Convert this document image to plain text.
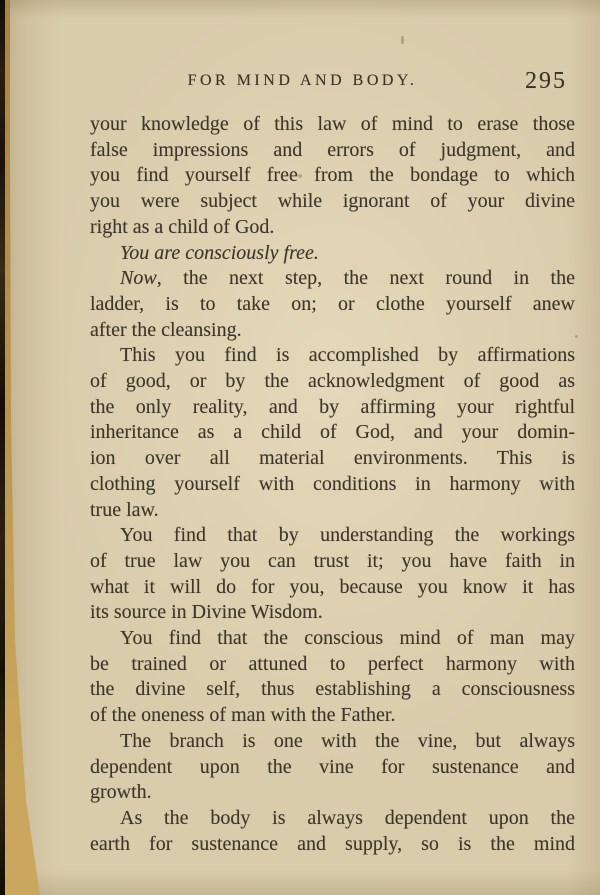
FOR MIND AND BODY.	295
your knowledge of this law of mind to erase those
false impressions and errors of judgment, and
you find yourself free from the bondage to which
you were subject while ignorant of your divine
right as a child of God.
You are consciously free.
Now, the next step, the next round in the
ladder, is to take on; or clothe yourself anew
after the cleansing.
This you find is accomplished by affirmations
of good, or by the acknowledgment of good as
the only reality, and by affirming your rightful
inheritance as a child of God, and your domin-
ion over all material environments. This is
clothing yourself with conditions in harmony with
true law.
You find that by understanding the workings
of true law you can trust it; you have faith in
what it will do for you, because you know it has
its source in Divine Wisdom.
You find that the conscious mind of man may
be trained or attuned to perfect harmony with
the divine self, thus establishing a consciousness
of the oneness of man with the Father.
The branch is one with the vine, but always
dependent upon the vine for sustenance and
growth.
As the body is always dependent upon the
earth for sustenance and supply, so is the mind
